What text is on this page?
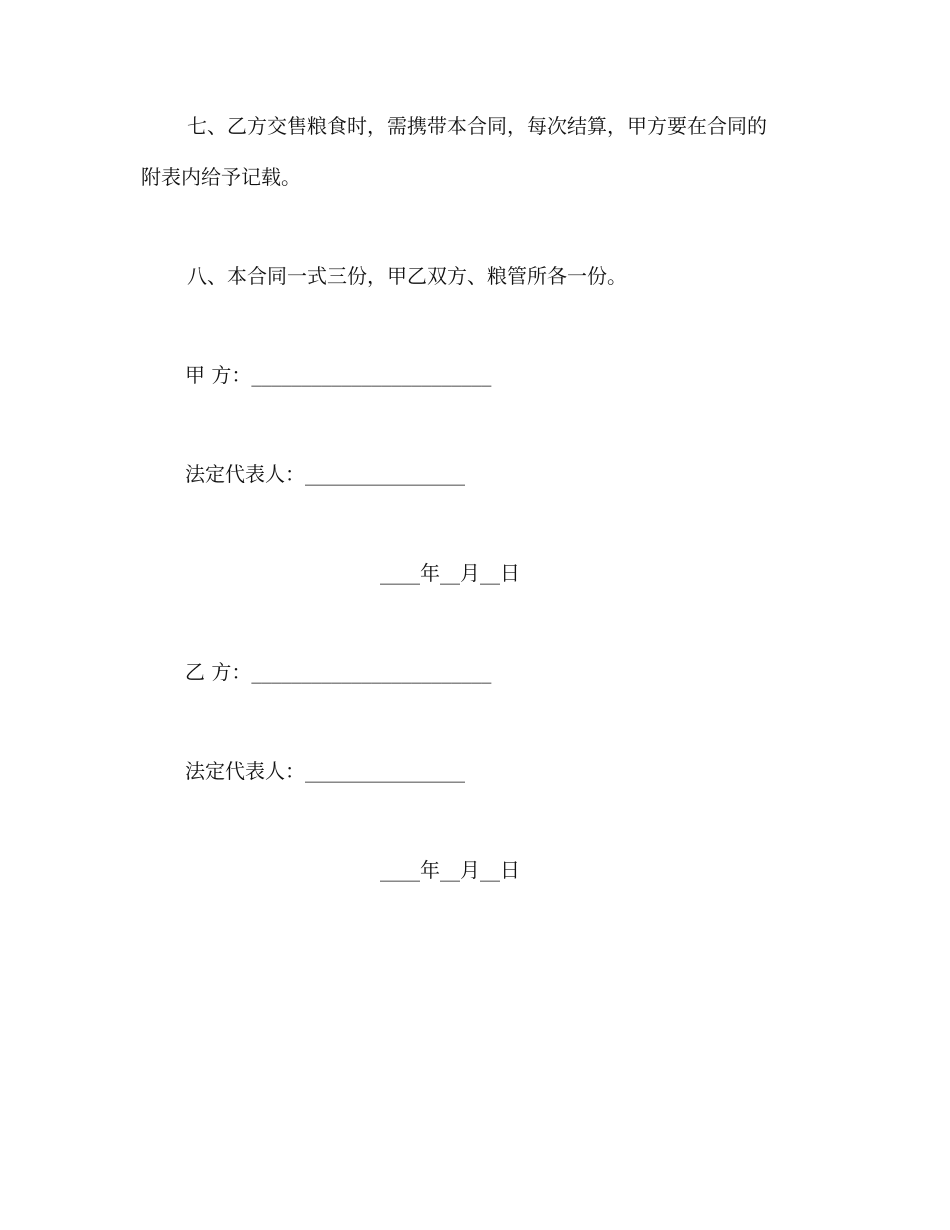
七、乙方交售粮食时，需携带本合同，每次结算，甲方要在合同的
附表内给予记载。
八、本合同一式三份，甲乙双方、粮管所各一份。
甲 方：________________________
法定代表人：________________
____年__月__日
乙 方：________________________
法定代表人：________________
____年__月__日
